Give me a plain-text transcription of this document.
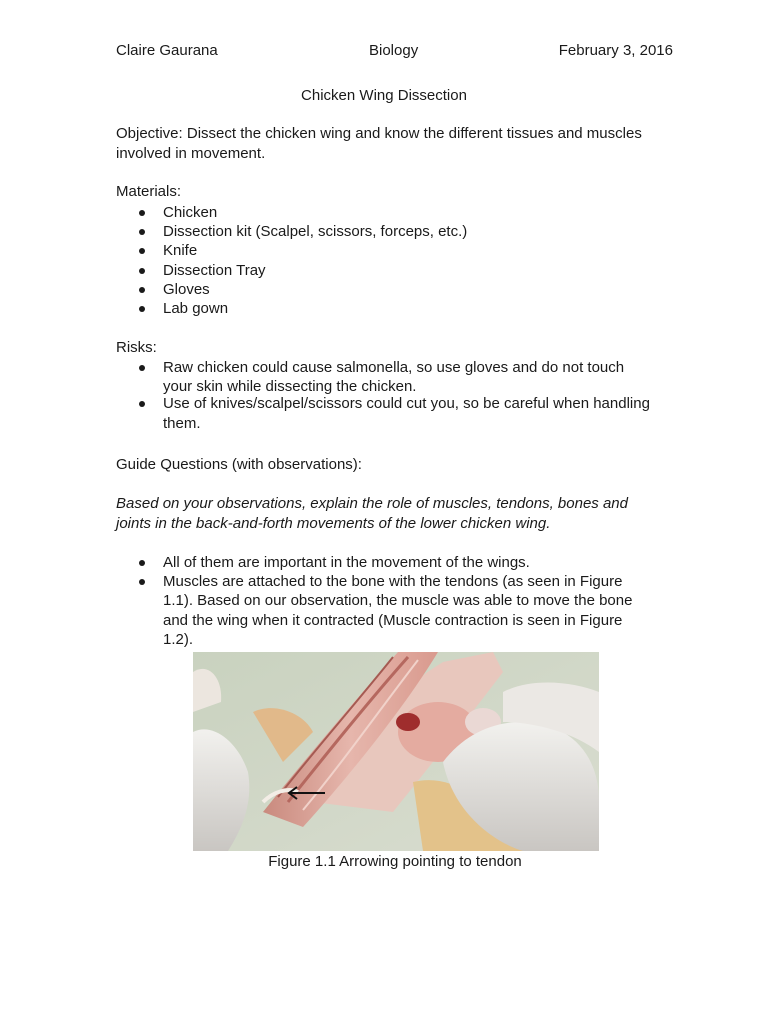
Claire Gaurana	Biology	February 3, 2016
Chicken Wing Dissection
Objective: Dissect the chicken wing and know the different tissues and muscles involved in movement.
Materials:
Chicken
Dissection kit (Scalpel, scissors, forceps, etc.)
Knife
Dissection Tray
Gloves
Lab gown
Risks:
Raw chicken could cause salmonella, so use gloves and do not touch your skin while dissecting the chicken.
Use of knives/scalpel/scissors could cut you, so be careful when handling them.
Guide Questions (with observations):
Based on your observations, explain the role of muscles, tendons, bones and joints in the back-and-forth movements of the lower chicken wing.
All of them are important in the movement of the wings.
Muscles are attached to the bone with the tendons (as seen in Figure 1.1). Based on our observation, the muscle was able to move the bone and the wing when it contracted (Muscle contraction is seen in Figure 1.2).
Figure 1.1 Arrowing pointing to tendon
